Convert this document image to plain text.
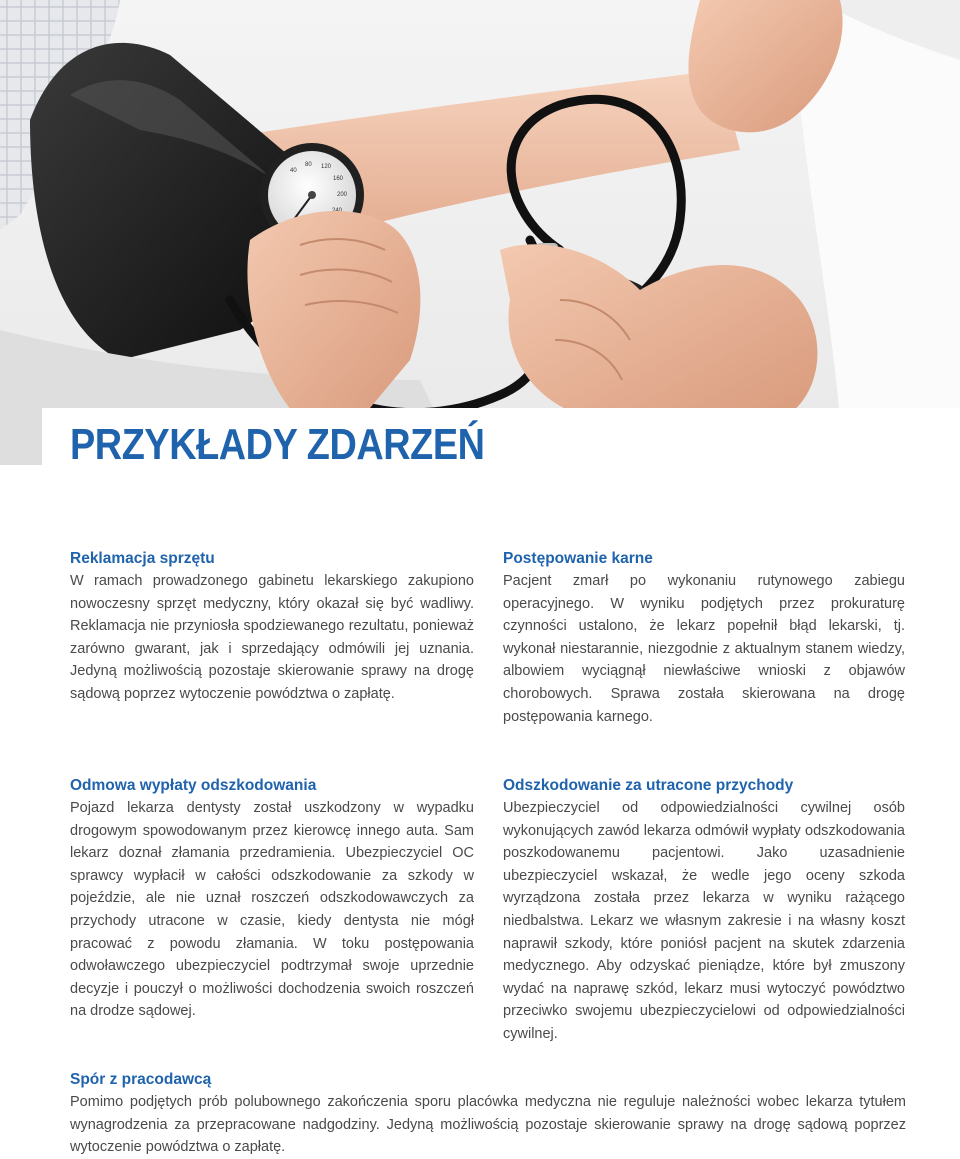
40
80 120
160
200
PRZYKŁADY ZDARZEŃ
Reklamacja sprzętu

W ramach prowadzonego gabinetu lekarskiego zakupiono nowoczesny sprzęt medyczny, który okazał się być wadliwy. Reklamacja nie przyniosła spodziewanego rezultatu, ponieważ zarówno gwarant, jak i sprzedający odmówili jej uznania. Jedyną możliwością pozostaje skierowanie sprawy na drogę sądową poprzez wytoczenie powództwa o zapłatę.

Postępowanie karne

Pacjent zmarł po wykonaniu rutynowego zabiegu operacyjnego. W wyniku podjętych przez prokuraturę czynności ustalono, że lekarz popełnił błąd lekarski, tj. wykonał niestarannie, niezgodnie z aktualnym stanem wiedzy, albowiem wyciągnął niewłaściwe wnioski z objawów chorobowych. Sprawa została skierowana na drogę postępowania karnego.

Odmowa wypłaty odszkodowania

Pojazd lekarza dentysty został uszkodzony w wypadku drogowym spowodowanym przez kierowcę innego auta. Sam lekarz doznał złamania przedramienia. Ubezpieczyciel OC sprawcy wypłacił w całości odszkodowanie za szkody w pojeździe, ale nie uznał roszczeń odszkodowawczych za przychody utracone w czasie, kiedy dentysta nie mógł pracować z powodu złamania. W toku postępowania odwoławczego ubezpieczyciel podtrzymał swoje uprzednie decyzje i pouczył o możliwości dochodzenia swoich roszczeń na drodze sądowej.

Odszkodowanie za utracone przychody

Ubezpieczyciel od odpowiedzialności cywilnej osób wykonujących zawód lekarza odmówił wypłaty odszkodowania poszkodowanemu pacjentowi. Jako uzasadnienie ubezpieczyciel wskazał, że wedle jego oceny szkoda wyrządzona została przez lekarza w wyniku rażącego niedbalstwa. Lekarz we własnym zakresie i na własny koszt naprawił szkody, które poniósł pacjent na skutek zdarzenia medycznego. Aby odzyskać pieniądze, które był zmuszony wydać na naprawę szkód, lekarz musi wytoczyć powództwo przeciwko swojemu ubezpieczycielowi od odpowiedzialności cywilnej.

Spór z pracodawcą

Pomimo podjętych prób polubownego zakończenia sporu placówka medyczna nie reguluje należności wobec lekarza tytułem wynagrodzenia za przepracowane nadgodziny. Jedyną możliwością pozostaje skierowanie sprawy na drogę sądową poprzez wytoczenie powództwa o zapłatę.
